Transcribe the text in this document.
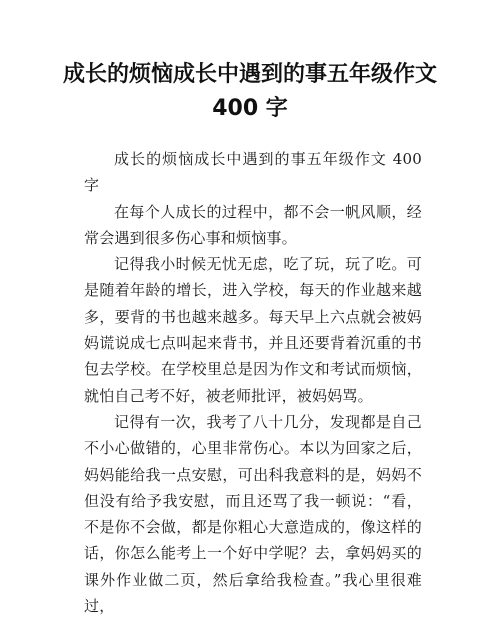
成长的烦恼成长中遇到的事五年级作文 400 字

成长的烦恼成长中遇到的事五年级作文 400 字

在每个人成长的过程中，都不会一帆风顺，经常会遇到很多伤心事和烦恼事。

记得我小时候无忧无虑，吃了玩，玩了吃。可是随着年龄的增长，进入学校，每天的作业越来越多，要背的书也越来越多。每天早上六点就会被妈妈谎说成七点叫起来背书，并且还要背着沉重的书包去学校。在学校里总是因为作文和考试而烦恼，就怕自己考不好，被老师批评，被妈妈骂。

记得有一次，我考了八十几分，发现都是自己不小心做错的，心里非常伤心。本以为回家之后，妈妈能给我一点安慰，可出科我意料的是，妈妈不但没有给予我安慰，而且还骂了我一顿说：“看，不是你不会做，都是你粗心大意造成的，像这样的话，你怎么能考上一个好中学呢？去，拿妈妈买的课外作业做二页，然后拿给我检查。”我心里很难过，
